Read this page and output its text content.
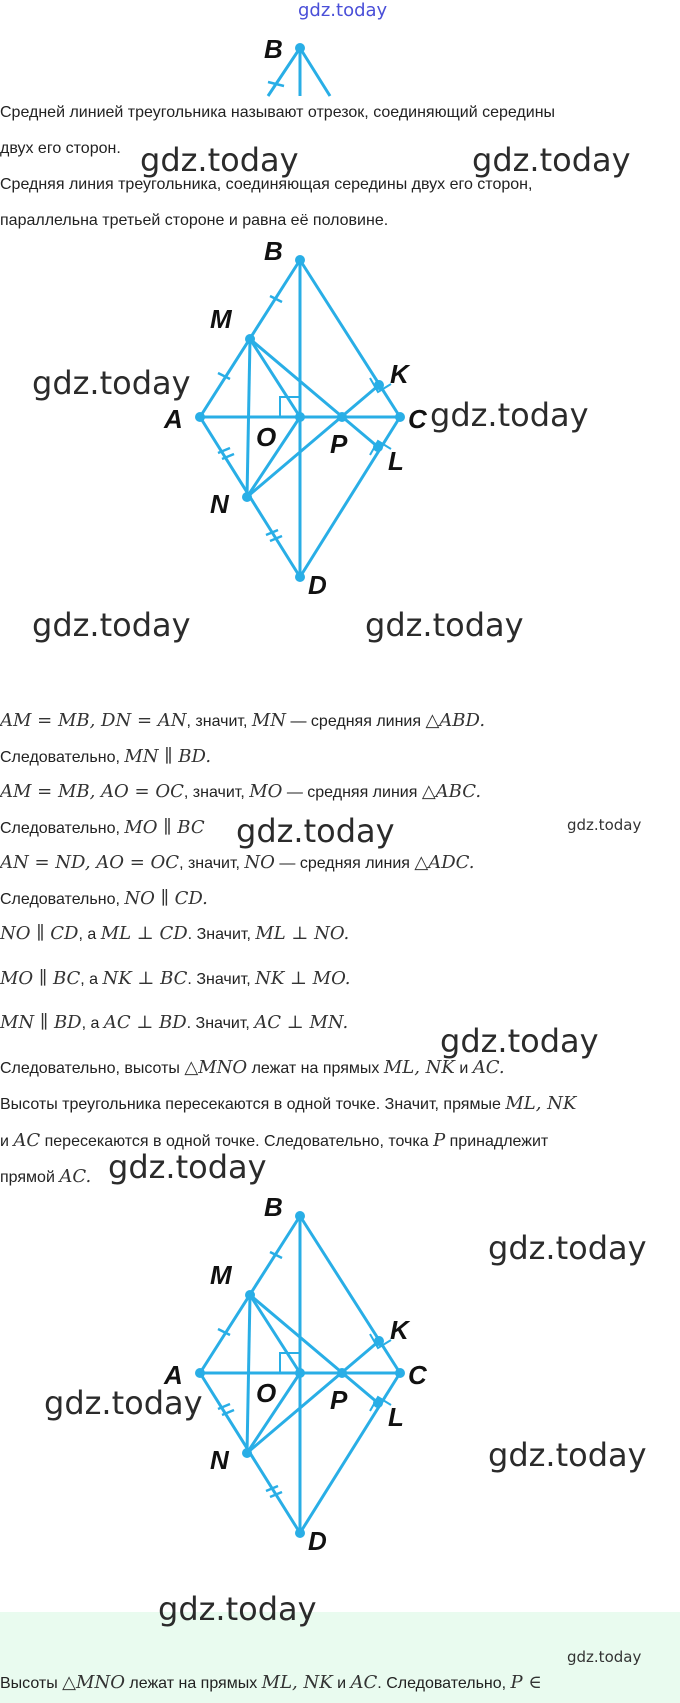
gdz.today
B
Средней линией треугольника называют отрезок, соединяющий середины
двух его сторон.
Средняя линия треугольника, соединяющая середины двух его сторон,
параллельна третьей стороне и равна её половине.
B
M
A
O P
K
C
L
N
D
AM = MB, DN = AN, значит, MN — средняя линия △ABD.
Следовательно, MN ∥ BD.
AM = MB, AO = OC, значит, MO — средняя линия △ABC.
Следовательно, MO ∥ BC
AN = ND, AO = OC, значит, NO — средняя линия △ADC.
Следовательно, NO ∥ CD.
NO ∥ CD, а ML ⊥ CD. Значит, ML ⊥ NO.
MO ∥ BC, а NK ⊥ BC. Значит, NK ⊥ MO.
MN ∥ BD, а AC ⊥ BD. Значит, AC ⊥ MN.
Следовательно, высоты △MNO лежат на прямых ML, NK и AC.
Высоты треугольника пересекаются в одной точке. Значит, прямые ML, NK
и AC пересекаются в одной точке. Следовательно, точка P принадлежит
прямой AC.
B
M
A
O P
K
C
L
N
D
Высоты △MNO лежат на прямых ML, NK и AC. Следовательно, P ∈
gdz.today	gdz.today
gdz.today
gdz.today
gdz.today	gdz.today
gdz.today	gdz.today
gdz.today
gdz.today
gdz.today
gdz.today
gdz.today
gdz.today
gdz.today
